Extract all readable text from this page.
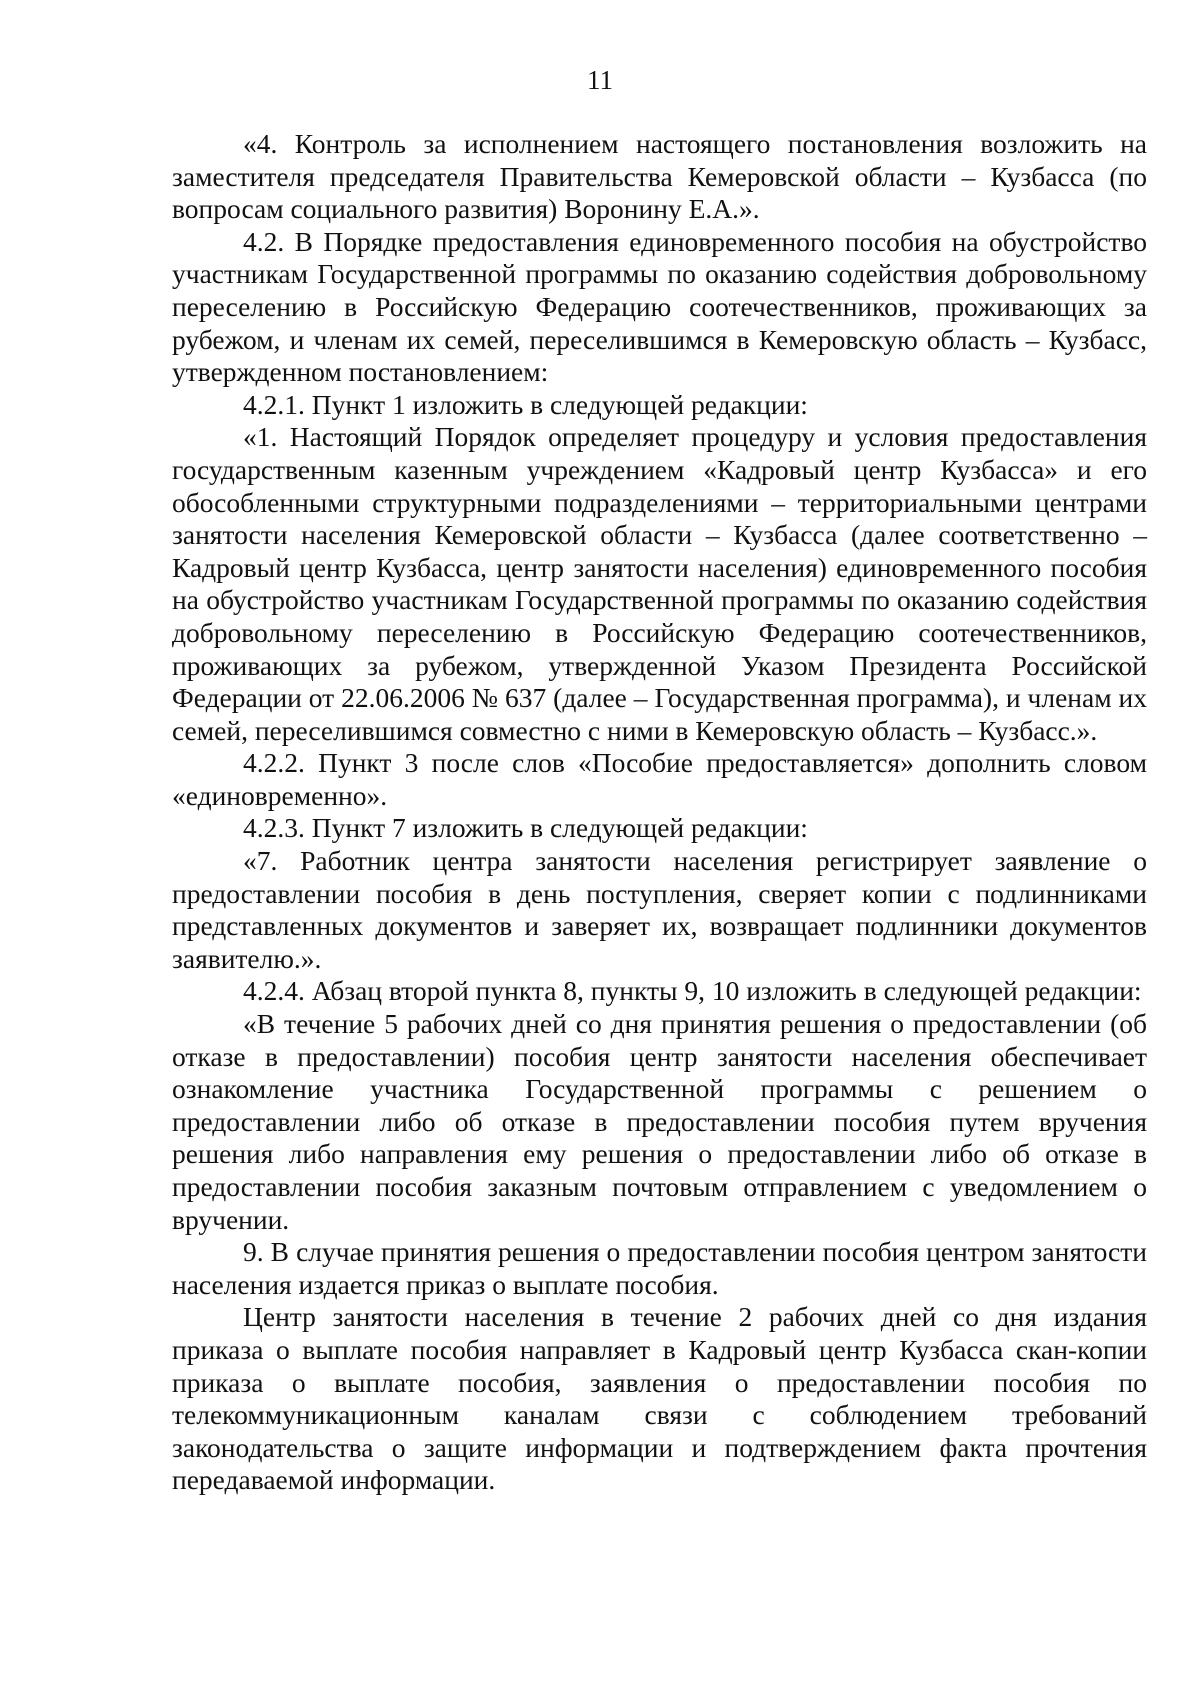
11

«4. Контроль за исполнением настоящего постановления возложить на заместителя председателя Правительства Кемеровской области – Кузбасса (по вопросам социального развития) Воронину Е.А.».

4.2. В Порядке предоставления единовременного пособия на обустройство участникам Государственной программы по оказанию содействия добровольному переселению в Российскую Федерацию соотечественников, проживающих за рубежом, и членам их семей, переселившимся в Кемеровскую область – Кузбасс, утвержденном постановлением:

4.2.1. Пункт 1 изложить в следующей редакции:

«1. Настоящий Порядок определяет процедуру и условия предоставления государственным казенным учреждением «Кадровый центр Кузбасса» и его обособленными структурными подразделениями – территориальными центрами занятости населения Кемеровской области – Кузбасса (далее соответственно – Кадровый центр Кузбасса, центр занятости населения) единовременного пособия на обустройство участникам Государственной программы по оказанию содействия добровольному переселению в Российскую Федерацию соотечественников, проживающих за рубежом, утвержденной Указом Президента Российской Федерации от 22.06.2006 № 637 (далее – Государственная программа), и членам их семей, переселившимся совместно с ними в Кемеровскую область – Кузбасс.».

4.2.2. Пункт 3 после слов «Пособие предоставляется» дополнить словом «единовременно».

4.2.3. Пункт 7 изложить в следующей редакции:

«7. Работник центра занятости населения регистрирует заявление о предоставлении пособия в день поступления, сверяет копии с подлинниками представленных документов и заверяет их, возвращает подлинники документов заявителю.».

4.2.4. Абзац второй пункта 8, пункты 9, 10 изложить в следующей редакции:

«В течение 5 рабочих дней со дня принятия решения о предоставлении (об отказе в предоставлении) пособия центр занятости населения обеспечивает ознакомление участника Государственной программы с решением о предоставлении либо об отказе в предоставлении пособия путем вручения решения либо направления ему решения о предоставлении либо об отказе в предоставлении пособия заказным почтовым отправлением с уведомлением о вручении.

9. В случае принятия решения о предоставлении пособия центром занятости населения издается приказ о выплате пособия.

Центр занятости населения в течение 2 рабочих дней со дня издания приказа о выплате пособия направляет в Кадровый центр Кузбасса скан-копии приказа о выплате пособия, заявления о предоставлении пособия по телекоммуникационным каналам связи с соблюдением требований законодательства о защите информации и подтверждением факта прочтения передаваемой информации.
